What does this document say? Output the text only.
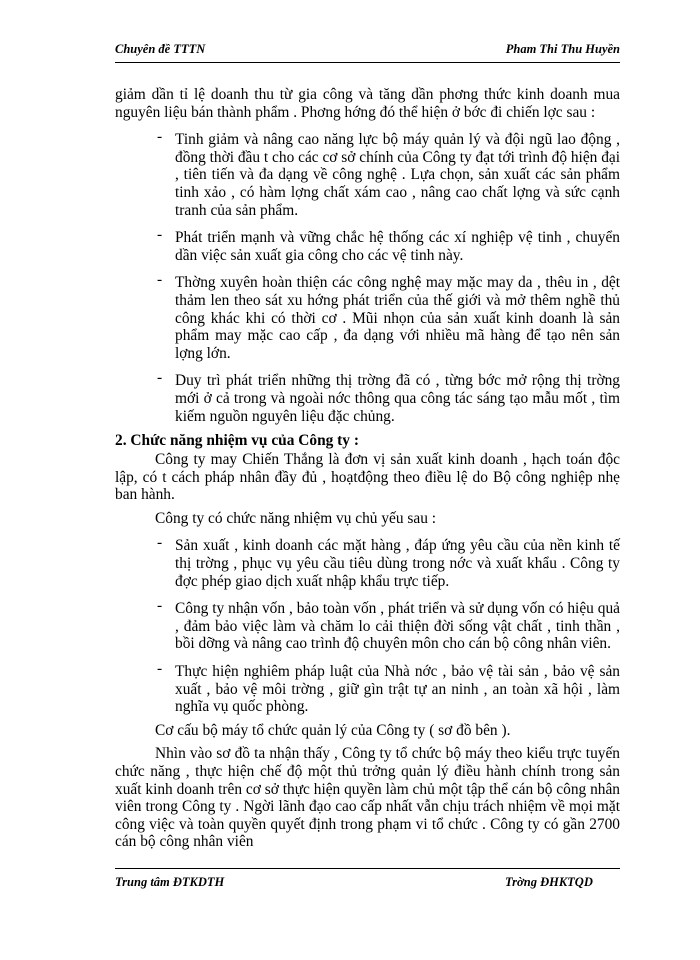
Chuyên đề TTTN	Pham Thi Thu Huyền

giảm dần tỉ lệ doanh thu từ gia công và tăng dần phơng thức kinh doanh mua nguyên liệu bán thành phẩm . Phơng hớng đó thể hiện ở bớc đi chiến lợc sau :

- Tinh giảm và nâng cao năng lực bộ máy quản lý và đội ngũ lao động , đồng thời đầu t cho các cơ sở chính của Công ty đạt tới trình độ hiện đại , tiên tiến và đa dạng về công nghệ . Lựa chọn, sản xuất các sản phẩm tinh xảo , có hàm lợng chất xám cao , nâng cao chất lợng và sức cạnh tranh của sản phẩm.
- Phát triển mạnh và vững chắc hệ thống các xí nghiệp vệ tinh , chuyển dần việc sản xuất gia công cho các vệ tinh này.
- Thờng xuyên hoàn thiện các công nghệ may mặc may da , thêu in , dệt thảm len theo sát xu hớng phát triển của thế giới và mở thêm nghề thủ công khác khi có thời cơ . Mũi nhọn của sản xuất kinh doanh là sản phẩm may mặc cao cấp , đa dạng với nhiều mã hàng để tạo nên sản lợng lớn.
- Duy trì phát triển những thị trờng đã có , từng bớc mở rộng thị trờng mới ở cả trong và ngoài nớc thông qua công tác sáng tạo mẫu mốt , tìm kiếm nguồn nguyên liệu đặc chủng.
2. Chức năng nhiệm vụ của Công ty :

Công ty may Chiến Thắng là đơn vị sản xuất kinh doanh , hạch toán độc lập, có t cách pháp nhân đầy đủ , hoạtđộng theo điều lệ do Bộ công nghiệp nhẹ ban hành.

Công ty có chức năng nhiệm vụ chủ yếu sau :

- Sản xuất , kinh doanh các mặt hàng , đáp ứng yêu cầu của nền kinh tế thị trờng , phục vụ yêu cầu tiêu dùng trong nớc và xuất khẩu . Công ty đợc phép giao dịch xuất nhập khẩu trực tiếp.
- Công ty nhận vốn , bảo toàn vốn , phát triển và sử dụng vốn có hiệu quả , đảm bảo việc làm và chăm lo cải thiện đời sống vật chất , tinh thần , bồi dỡng và nâng cao trình độ chuyên môn cho cán bộ công nhân viên.
- Thực hiện nghiêm pháp luật của Nhà nớc , bảo vệ tài sản , bảo vệ sản xuất , bảo vệ môi trờng , giữ gìn trật tự an ninh , an toàn xã hội , làm nghĩa vụ quốc phòng.

Cơ cấu bộ máy tổ chức quản lý của Công ty ( sơ đồ bên ).

Nhìn vào sơ đồ ta nhận thấy , Công ty tổ chức bộ máy theo kiểu trực tuyến chức năng , thực hiện chế độ một thủ trởng quản lý điều hành chính trong sản xuất kinh doanh trên cơ sở thực hiện quyền làm chủ một tập thể cán bộ công nhân viên trong Công ty . Ngời lãnh đạo cao cấp nhất vẫn chịu trách nhiệm về mọi mặt công việc và toàn quyền quyết định trong phạm vi tổ chức . Công ty có gần 2700 cán bộ công nhân viên

Trung tâm ĐTKDTH	Trờng ĐHKTQD
